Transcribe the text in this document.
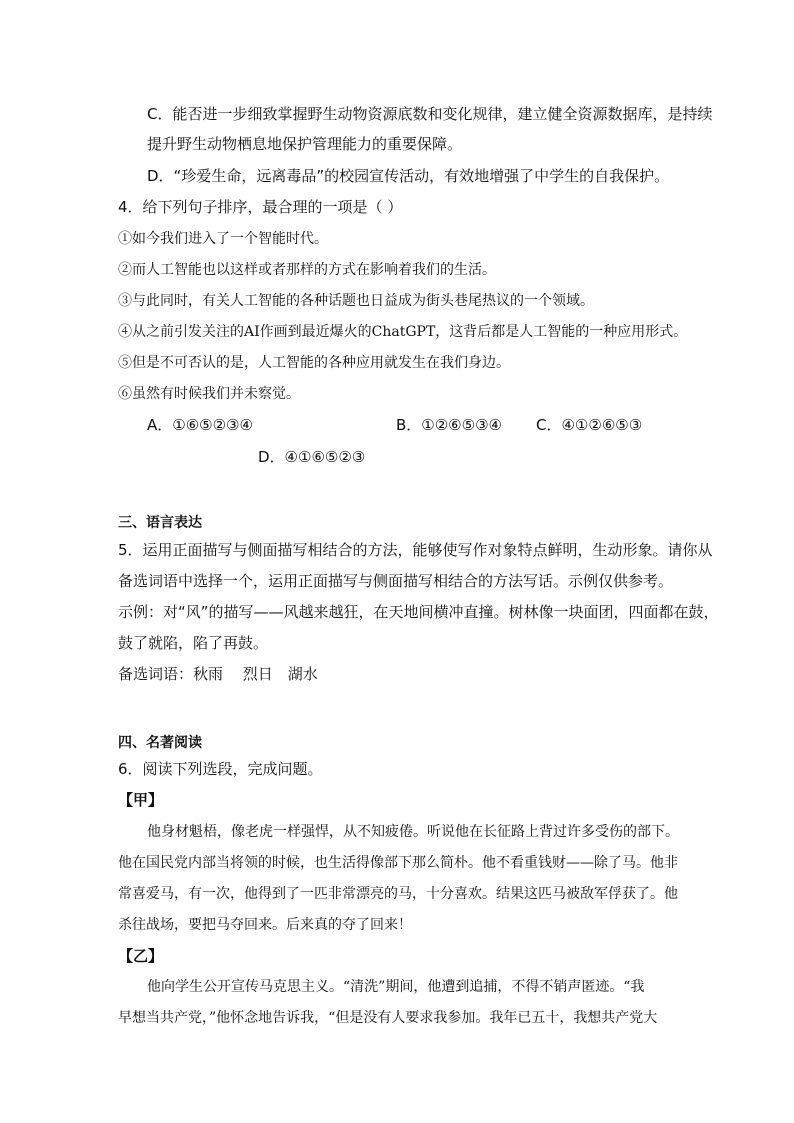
C．能否进一步细致掌握野生动物资源底数和变化规律，建立健全资源数据库，是持续
提升野生动物栖息地保护管理能力的重要保障。
D．“珍爱生命，远离毒品”的校园宣传活动，有效地增强了中学生的自我保护。
4．给下列句子排序，最合理的一项是（ ）
①如今我们进入了一个智能时代。
②而人工智能也以这样或者那样的方式在影响着我们的生活。
③与此同时，有关人工智能的各种话题也日益成为街头巷尾热议的一个领域。
④从之前引发关注的AI作画到最近爆火的ChatGPT，这背后都是人工智能的一种应用形式。
⑤但是不可否认的是，人工智能的各种应用就发生在我们身边。
⑥虽然有时候我们并未察觉。
A．①⑥⑤②③④	B．①②⑥⑤③④ C．④①②⑥⑤③
D．④①⑥⑤②③
三、语言表达
5．运用正面描写与侧面描写相结合的方法，能够使写作对象特点鲜明，生动形象。请你从
备选词语中选择一个，运用正面描写与侧面描写相结合的方法写话。示例仅供参考。
示例：对“风”的描写——风越来越狂，在天地间横冲直撞。树林像一块面团，四面都在鼓，
鼓了就陷，陷了再鼓。
备选词语：秋雨　 烈日　湖水
四、名著阅读
6．阅读下列选段，完成问题。
【甲】
他身材魁梧，像老虎一样强悍，从不知疲倦。听说他在长征路上背过许多受伤的部下。
他在国民党内部当将领的时候，也生活得像部下那么简朴。他不看重钱财——除了马。他非
常喜爱马，有一次，他得到了一匹非常漂亮的马，十分喜欢。结果这匹马被敌军俘获了。他
杀往战场，要把马夺回来。后来真的夺了回来！
【乙】
他向学生公开宣传马克思主义。“清洗”期间，他遭到追捕，不得不销声匿迹。“我
早想当共产党，”他怀念地告诉我，“但是没有人要求我参加。我年已五十，我想共产党大
